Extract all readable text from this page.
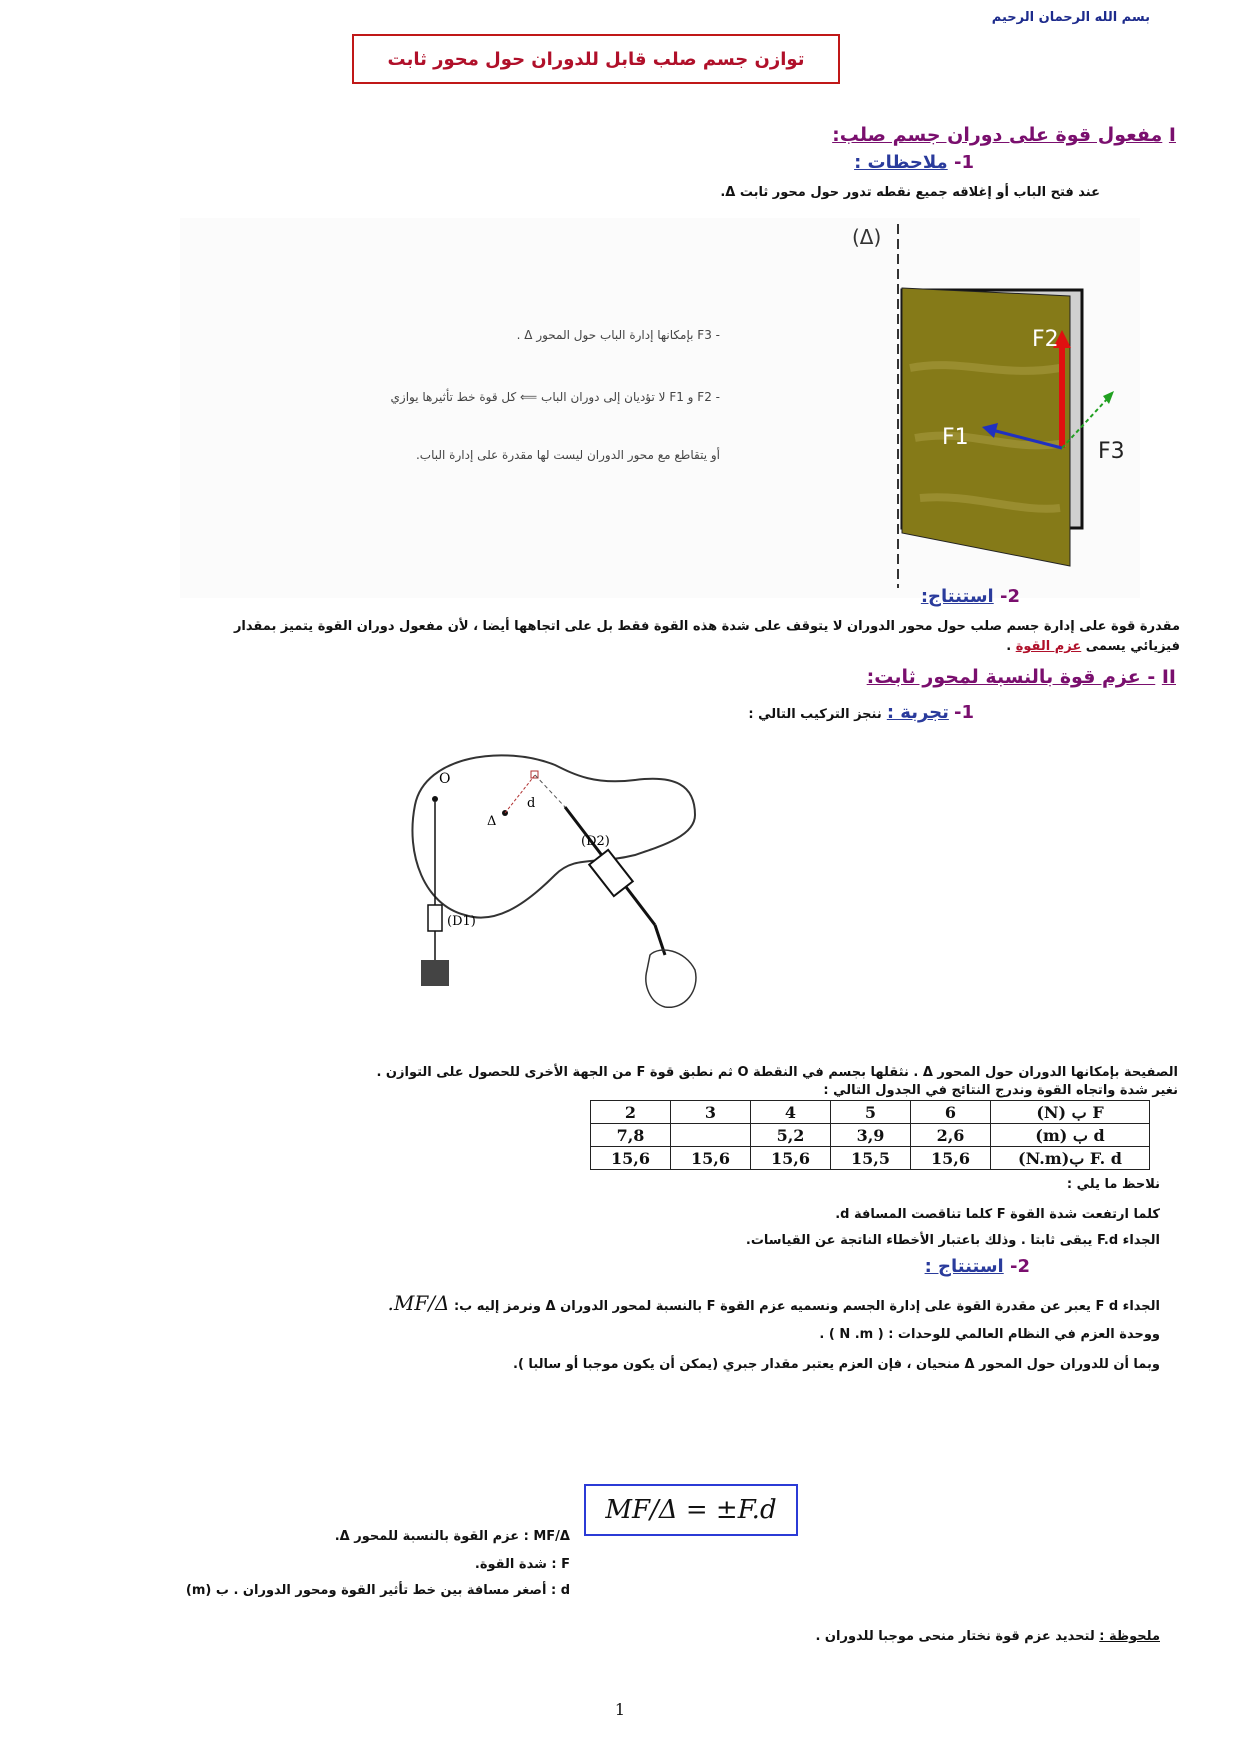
بسم الله الرحمان الرحيم
توازن جسم صلب قابل للدوران حول محور ثابت
I مفعول قوة على دوران جسم صلب:
1- ملاحظات :
عند فتح الباب أو إغلاقه جميع نقطه تدور حول محور ثابت Δ.
(Δ)
F2
F1
F3
- F3 بإمكانها إدارة الباب حول المحور Δ .
- F2 و F1 لا تؤديان إلى دوران الباب ⟸ كل قوة خط تأثيرها يوازي
أو يتقاطع مع محور الدوران ليست لها مقدرة على إدارة الباب.
2- استنتاج:
مقدرة قوة على إدارة جسم صلب حول محور الدوران لا يتوقف على شدة هذه القوة فقط بل على اتجاهها أيضا ، لأن مفعول دوران القوة يتميز بمقدار
فيزيائي يسمى عزم القوة .
II - عزم قوة بالنسبة لمحور ثابت:
1- تجربة : ننجز التركيب التالي :
O
Δ
d
(D2)
(D1)
الصفيحة بإمكانها الدوران حول المحور Δ . نثقلها بجسم في النقطة O ثم نطبق قوة F من الجهة الأخرى للحصول على التوازن .
نغير شدة واتجاه القوة وندرج النتائج في الجدول التالي :
F ب (N)	6	5	4	3	2
d ب (m)	2,6	3,9	5,2		7,8
F. d ب(N.m)	15,6	15,5	15,6	15,6	15,6
نلاحظ ما يلي :
كلما ارتفعت شدة القوة F كلما تناقصت المسافة d.
الجداء F.d يبقى ثابتا . وذلك باعتبار الأخطاء الناتجة عن القياسات.
2- استنتاج :
الجداء F d يعبر عن مقدرة القوة على إدارة الجسم ونسميه عزم القوة F بالنسبة لمحور الدوران Δ ونرمز إليه ب: MF/Δ.
ووحدة العزم في النظام العالمي للوحدات : ( N .m ) .
وبما أن للدوران حول المحور Δ منحيان ، فإن العزم يعتبر مقدار جبري (يمكن أن يكون موجبا أو سالبا ).
MF/Δ = ±F.d
MF/Δ : عزم القوة بالنسبة للمحور Δ.
F : شدة القوة.
d : أصغر مسافة بين خط تأثير القوة ومحور الدوران . ب (m)
ملحوظة : لتحديد عزم قوة نختار منحى موجبا للدوران .
1
